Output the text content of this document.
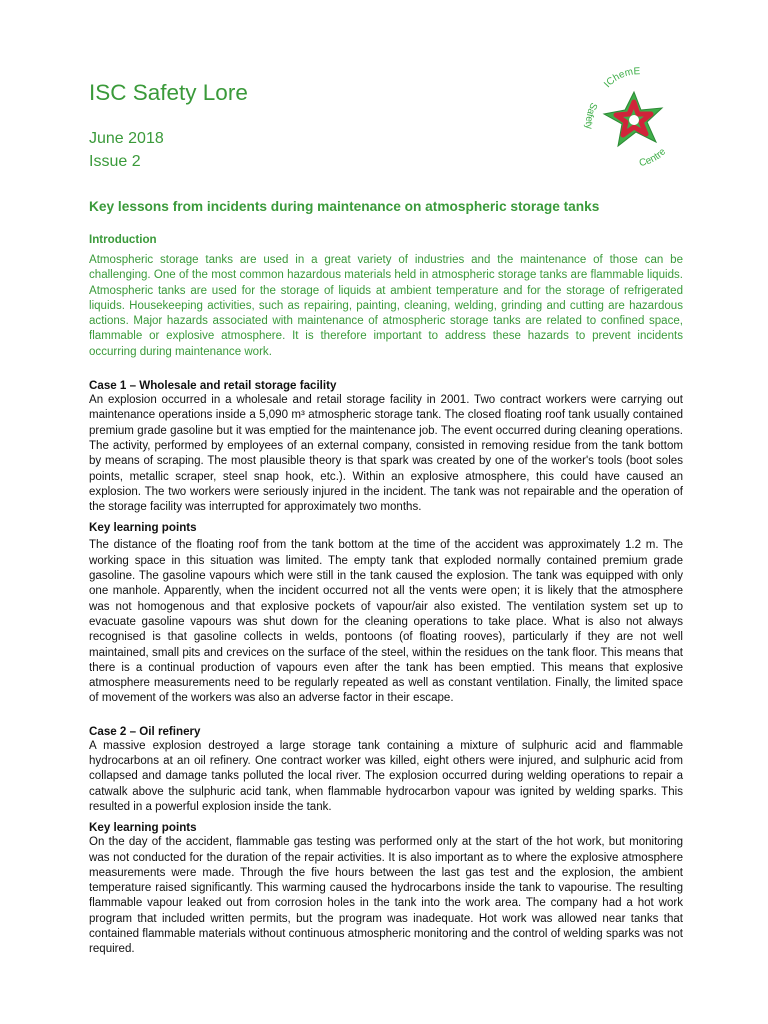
ISC Safety Lore
June 2018
Issue 2
IChemE
Safety
Centre
Key lessons from incidents during maintenance on atmospheric storage tanks
Introduction

Atmospheric storage tanks are used in a great variety of industries and the maintenance of those can be challenging. One of the most common hazardous materials held in atmospheric storage tanks are flammable liquids. Atmospheric tanks are used for the storage of liquids at ambient temperature and for the storage of refrigerated liquids. Housekeeping activities, such as repairing, painting, cleaning, welding, grinding and cutting are hazardous actions. Major hazards associated with maintenance of atmospheric storage tanks are related to confined space, flammable or explosive atmosphere. It is therefore important to address these hazards to prevent incidents occurring during maintenance work.

Case 1 – Wholesale and retail storage facility

An explosion occurred in a wholesale and retail storage facility in 2001. Two contract workers were carrying out maintenance operations inside a 5,090 m³ atmospheric storage tank. The closed floating roof tank usually contained premium grade gasoline but it was emptied for the maintenance job. The event occurred during cleaning operations. The activity, performed by employees of an external company, consisted in removing residue from the tank bottom by means of scraping. The most plausible theory is that spark was created by one of the worker's tools (boot soles points, metallic scraper, steel snap hook, etc.). Within an explosive atmosphere, this could have caused an explosion. The two workers were seriously injured in the incident. The tank was not repairable and the operation of the storage facility was interrupted for approximately two months.

Key learning points

The distance of the floating roof from the tank bottom at the time of the accident was approximately 1.2 m. The working space in this situation was limited. The empty tank that exploded normally contained premium grade gasoline. The gasoline vapours which were still in the tank caused the explosion. The tank was equipped with only one manhole. Apparently, when the incident occurred not all the vents were open; it is likely that the atmosphere was not homogenous and that explosive pockets of vapour/air also existed. The ventilation system set up to evacuate gasoline vapours was shut down for the cleaning operations to take place. What is also not always recognised is that gasoline collects in welds, pontoons (of floating rooves), particularly if they are not well maintained, small pits and crevices on the surface of the steel, within the residues on the tank floor. This means that there is a continual production of vapours even after the tank has been emptied. This means that explosive atmosphere measurements need to be regularly repeated as well as constant ventilation. Finally, the limited space of movement of the workers was also an adverse factor in their escape.

Case 2 – Oil refinery

A massive explosion destroyed a large storage tank containing a mixture of sulphuric acid and flammable hydrocarbons at an oil refinery. One contract worker was killed, eight others were injured, and sulphuric acid from collapsed and damage tanks polluted the local river. The explosion occurred during welding operations to repair a catwalk above the sulphuric acid tank, when flammable hydrocarbon vapour was ignited by welding sparks. This resulted in a powerful explosion inside the tank.

Key learning points

On the day of the accident, flammable gas testing was performed only at the start of the hot work, but monitoring was not conducted for the duration of the repair activities. It is also important as to where the explosive atmosphere measurements were made. Through the five hours between the last gas test and the explosion, the ambient temperature raised significantly. This warming caused the hydrocarbons inside the tank to vapourise. The resulting flammable vapour leaked out from corrosion holes in the tank into the work area. The company had a hot work program that included written permits, but the program was inadequate. Hot work was allowed near tanks that contained flammable materials without continuous atmospheric monitoring and the control of welding sparks was not required.
